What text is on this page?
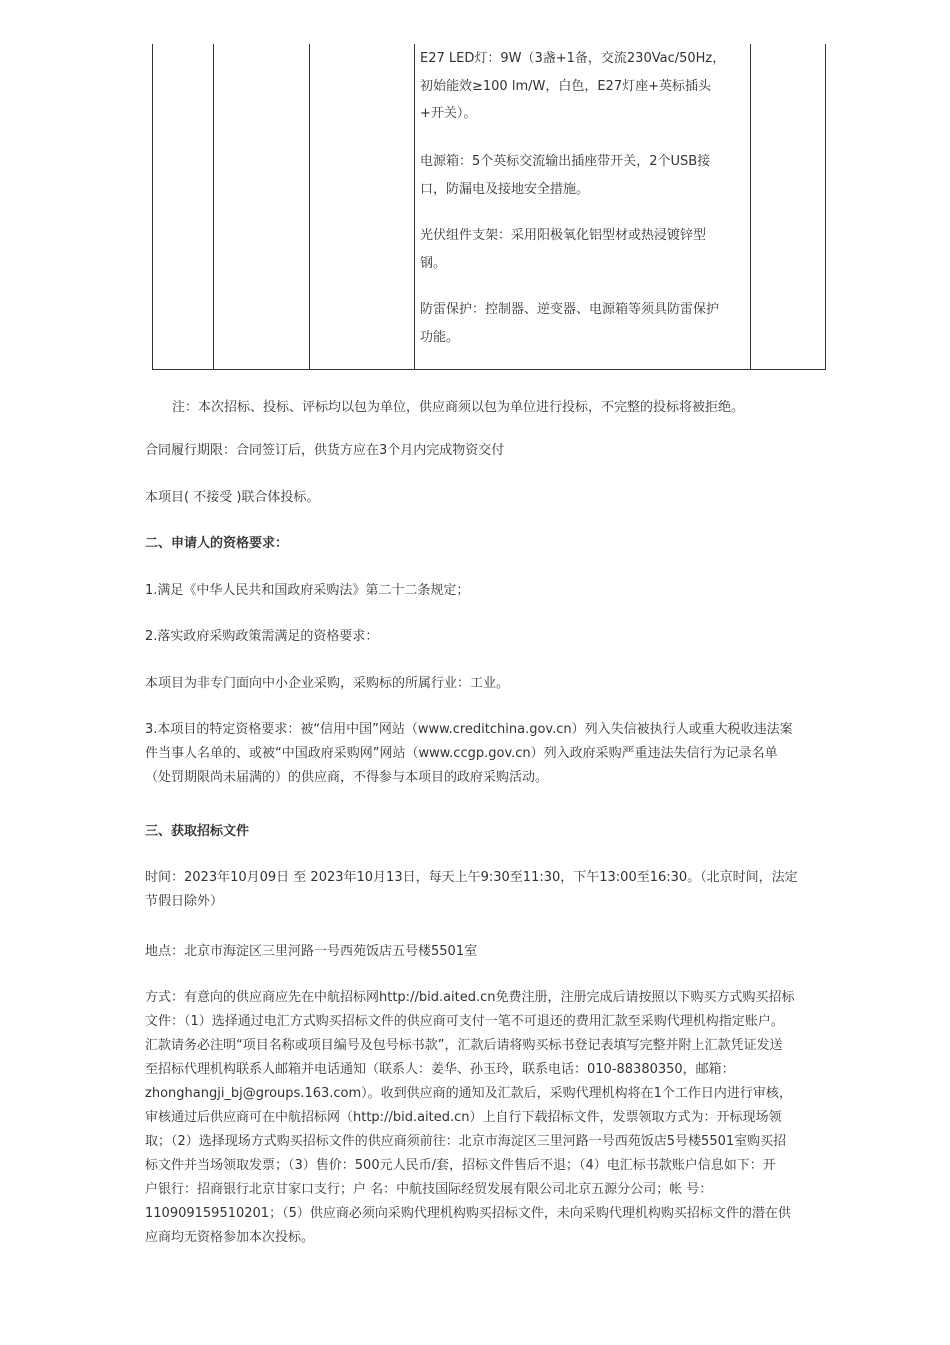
E27 LED灯：9W（3盏+1备，交流230Vac/50Hz，
初始能效≥100 lm/W，白色，E27灯座+英标插头
+开关）。
电源箱：5个英标交流输出插座带开关，2个USB接
口，防漏电及接地安全措施。
光伏组件支架：采用阳极氧化铝型材或热浸镀锌型
钢。
防雷保护：控制器、逆变器、电源箱等须具防雷保护
功能。

注：本次招标、投标、评标均以包为单位，供应商须以包为单位进行投标，不完整的投标将被拒绝。

合同履行期限：合同签订后，供货方应在3个月内完成物资交付

本项目( 不接受 )联合体投标。

二、申请人的资格要求：

1.满足《中华人民共和国政府采购法》第二十二条规定；

2.落实政府采购政策需满足的资格要求：

本项目为非专门面向中小企业采购，采购标的所属行业：工业。

3.本项目的特定资格要求：被“信用中国”网站（www.creditchina.gov.cn）列入失信被执行人或重大税收违法案
件当事人名单的、或被“中国政府采购网”网站（www.ccgp.gov.cn）列入政府采购严重违法失信行为记录名单
（处罚期限尚未届满的）的供应商，不得参与本项目的政府采购活动。

三、获取招标文件

时间：2023年10月09日 至 2023年10月13日，每天上午9:30至11:30，下午13:00至16:30。（北京时间，法定
节假日除外）

地点：北京市海淀区三里河路一号西苑饭店五号楼5501室

方式：有意向的供应商应先在中航招标网http://bid.aited.cn免费注册，注册完成后请按照以下购买方式购买招标
文件：（1）选择通过电汇方式购买招标文件的供应商可支付一笔不可退还的费用汇款至采购代理机构指定账户。
汇款请务必注明“项目名称或项目编号及包号标书款”，汇款后请将购买标书登记表填写完整并附上汇款凭证发送
至招标代理机构联系人邮箱并电话通知（联系人：姜华、孙玉玲，联系电话：010-88380350，邮箱：
zhonghangji_bj@groups.163.com）。收到供应商的通知及汇款后，采购代理机构将在1个工作日内进行审核，
审核通过后供应商可在中航招标网（http://bid.aited.cn）上自行下载招标文件，发票领取方式为：开标现场领
取；（2）选择现场方式购买招标文件的供应商须前往：北京市海淀区三里河路一号西苑饭店5号楼5501室购买招
标文件并当场领取发票；（3）售价：500元人民币/套，招标文件售后不退；（4）电汇标书款账户信息如下：开
户银行：招商银行北京甘家口支行；户 名：中航技国际经贸发展有限公司北京五源分公司；帐 号：
110909159510201；（5）供应商必须向采购代理机构购买招标文件，未向采购代理机构购买招标文件的潜在供
应商均无资格参加本次投标。
